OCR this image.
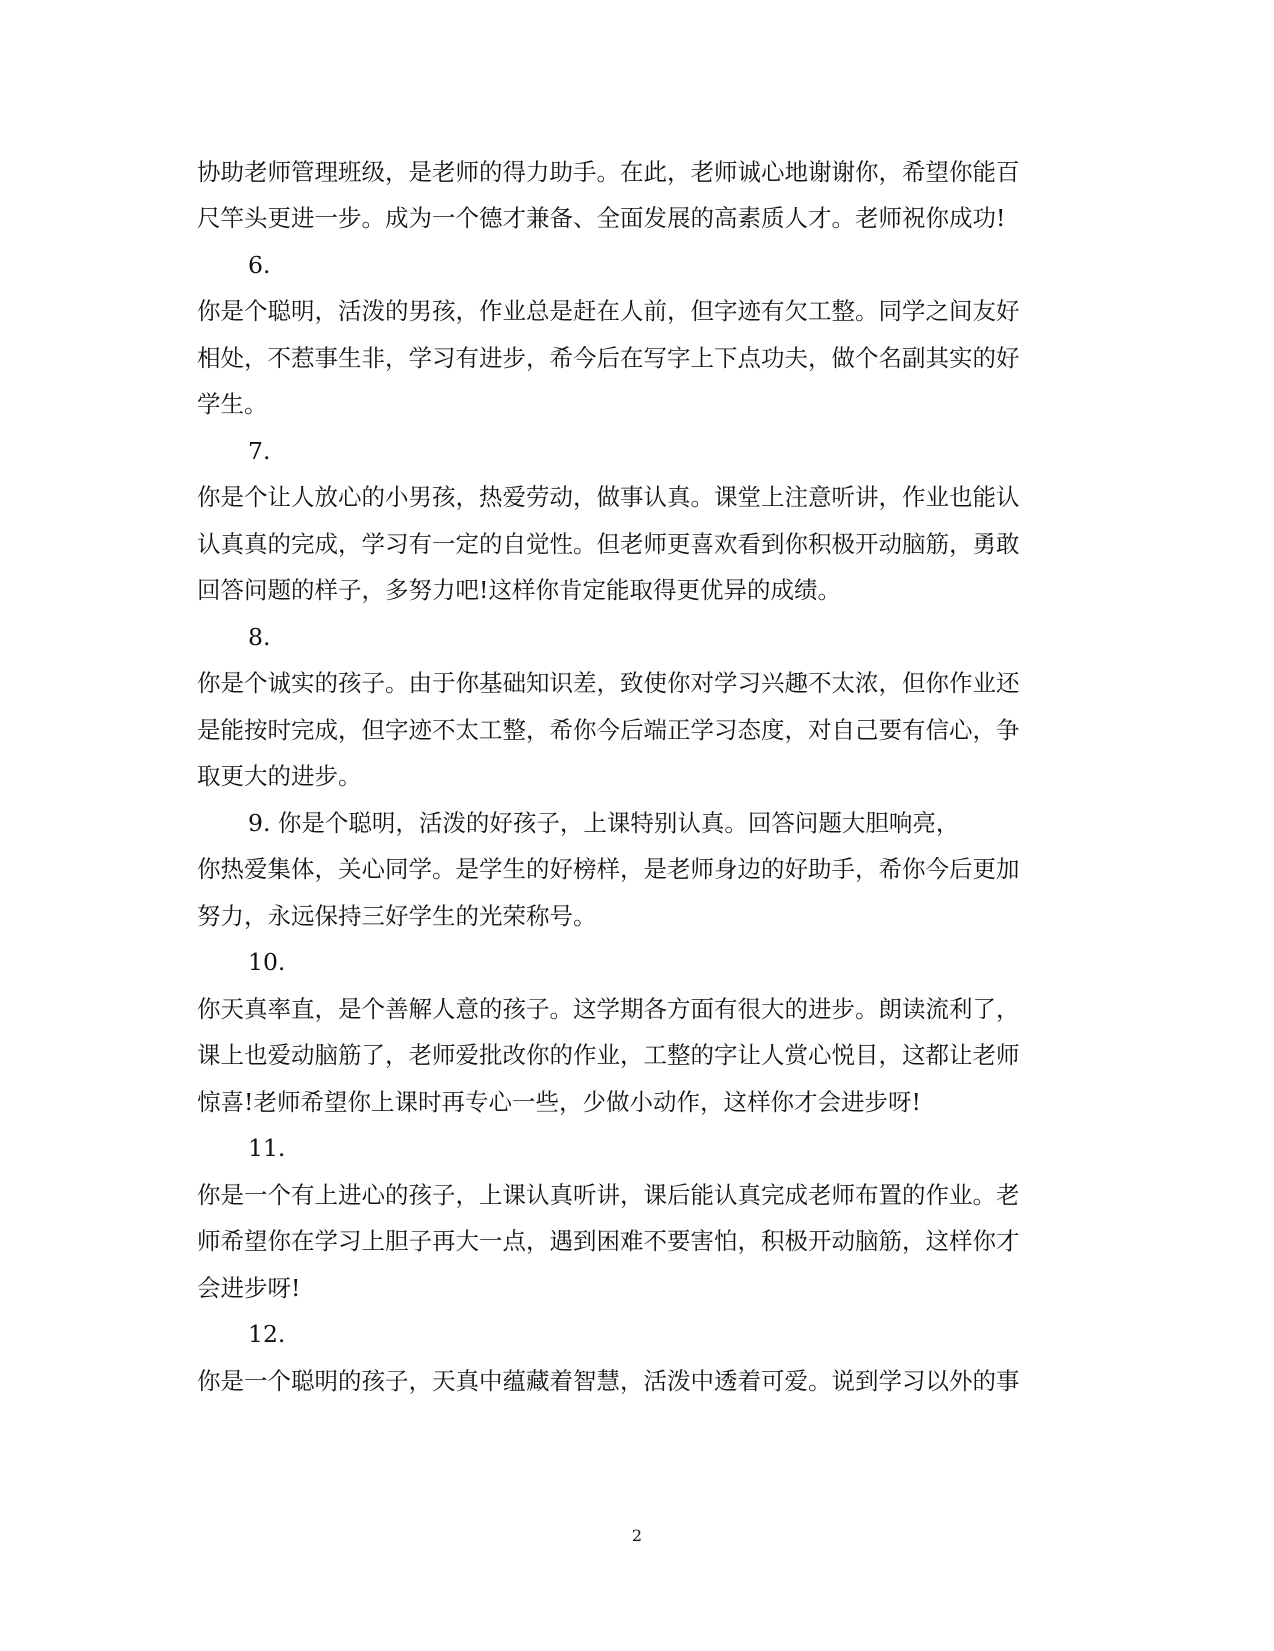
协助老师管理班级，是老师的得力助手。在此，老师诚心地谢谢你，希望你能百
尺竿头更进一步。成为一个德才兼备、全面发展的高素质人才。老师祝你成功!
6.
你是个聪明，活泼的男孩，作业总是赶在人前，但字迹有欠工整。同学之间友好
相处，不惹事生非，学习有进步，希今后在写字上下点功夫，做个名副其实的好
学生。
7.
你是个让人放心的小男孩，热爱劳动，做事认真。课堂上注意听讲，作业也能认
认真真的完成，学习有一定的自觉性。但老师更喜欢看到你积极开动脑筋，勇敢
回答问题的样子，多努力吧!这样你肯定能取得更优异的成绩。
8.
你是个诚实的孩子。由于你基础知识差，致使你对学习兴趣不太浓，但你作业还
是能按时完成，但字迹不太工整，希你今后端正学习态度，对自己要有信心，争
取更大的进步。
9. 你是个聪明，活泼的好孩子，上课特别认真。回答问题大胆响亮，
你热爱集体，关心同学。是学生的好榜样，是老师身边的好助手，希你今后更加
努力，永远保持三好学生的光荣称号。
10.
你天真率直，是个善解人意的孩子。这学期各方面有很大的进步。朗读流利了，
课上也爱动脑筋了，老师爱批改你的作业，工整的字让人赏心悦目，这都让老师
惊喜!老师希望你上课时再专心一些，少做小动作，这样你才会进步呀!
11.
你是一个有上进心的孩子，上课认真听讲，课后能认真完成老师布置的作业。老
师希望你在学习上胆子再大一点，遇到困难不要害怕，积极开动脑筋，这样你才
会进步呀!
12.
你是一个聪明的孩子，天真中蕴藏着智慧，活泼中透着可爱。说到学习以外的事
2
